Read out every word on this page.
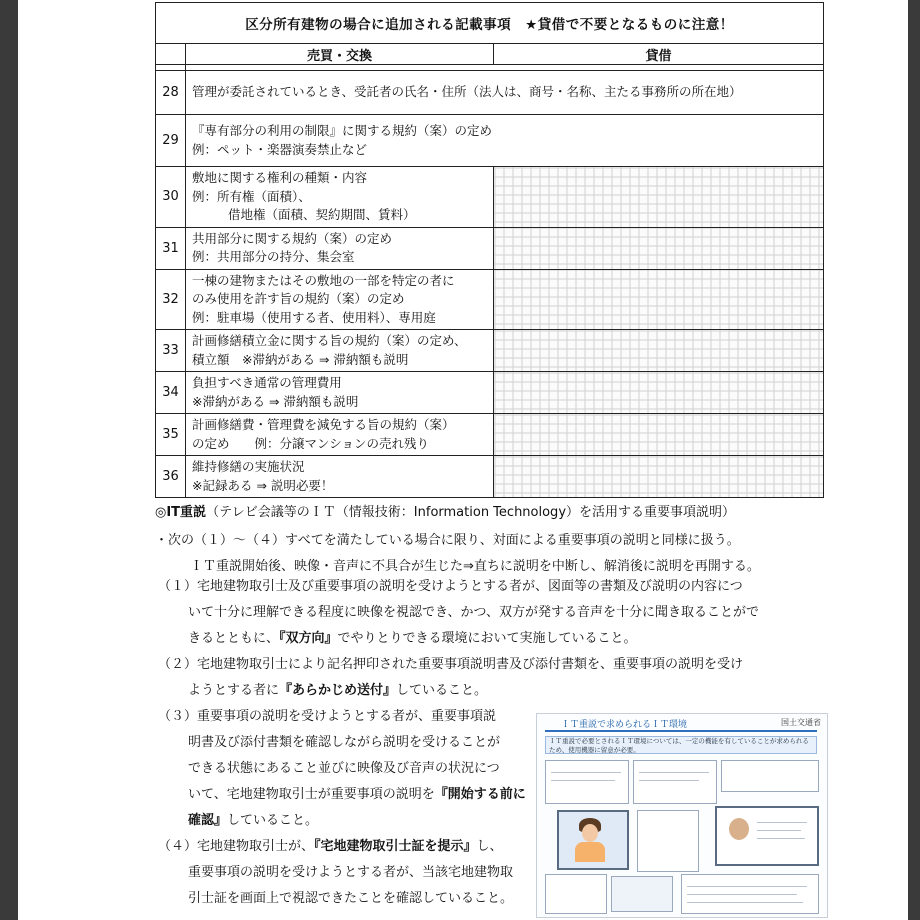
区分所有建物の場合に追加される記載事項　★貸借で不要となるものに注意！		
	売買・交換	貸借

28	管理が委託されているとき、受託者の氏名・住所（法人は、商号・名称、主たる事務所の所在地）	

29	『専有部分の利用の制限』に関する規約（案）の定め
例：ペット・楽器演奏禁止など	

30	敷地に関する権利の種類・内容
例：所有権（面積）、
借地権（面積、契約期間、賃料）	

31	共用部分に関する規約（案）の定め
例：共用部分の持分、集会室	

32	一棟の建物またはその敷地の一部を特定の者に
のみ使用を許す旨の規約（案）の定め
例：駐車場（使用する者、使用料）、専用庭	

33	計画修繕積立金に関する旨の規約（案）の定め、
積立額　※滞納がある ⇒ 滞納額も説明	

34	負担すべき通常の管理費用
※滞納がある ⇒ 滞納額も説明	

35	計画修繕費・管理費を減免する旨の規約（案）
の定め　　例：分譲マンションの売れ残り	

36	維持修繕の実施状況
※記録ある ⇒ 説明必要！	

◎IT重説（テレビ会議等のＩＴ（情報技術：Information Technology）を活用する重要事項説明）
・次の（１）～（４）すべてを満たしている場合に限り、対面による重要事項の説明と同様に扱う。
ＩＴ重説開始後、映像・音声に不具合が生じた⇒直ちに説明を中断し、解消後に説明を再開する。
（１）宅地建物取引士及び重要事項の説明を受けようとする者が、図面等の書類及び説明の内容につ
いて十分に理解できる程度に映像を視認でき、かつ、双方が発する音声を十分に聞き取ることがで
きるとともに、『双方向』でやりとりできる環境において実施していること。
（２）宅地建物取引士により記名押印された重要事項説明書及び添付書類を、重要事項の説明を受け
ようとする者に『あらかじめ送付』していること。
（３）重要事項の説明を受けようとする者が、重要事項説
明書及び添付書類を確認しながら説明を受けることが
できる状態にあること並びに映像及び音声の状況につ
いて、宅地建物取引士が重要事項の説明を『開始する前に
確認』していること。
（４）宅地建物取引士が、『宅地建物取引士証を提示』し、
重要事項の説明を受けようとする者が、当該宅地建物取
引士証を画面上で視認できたことを確認していること。
ＩＴ重説で求められるＩＴ環境	国土交通省
ＩＴ重説で必要とされるＩＴ環境については、一定の機能を有していることが求められるため、使用機器に留意が必要。
